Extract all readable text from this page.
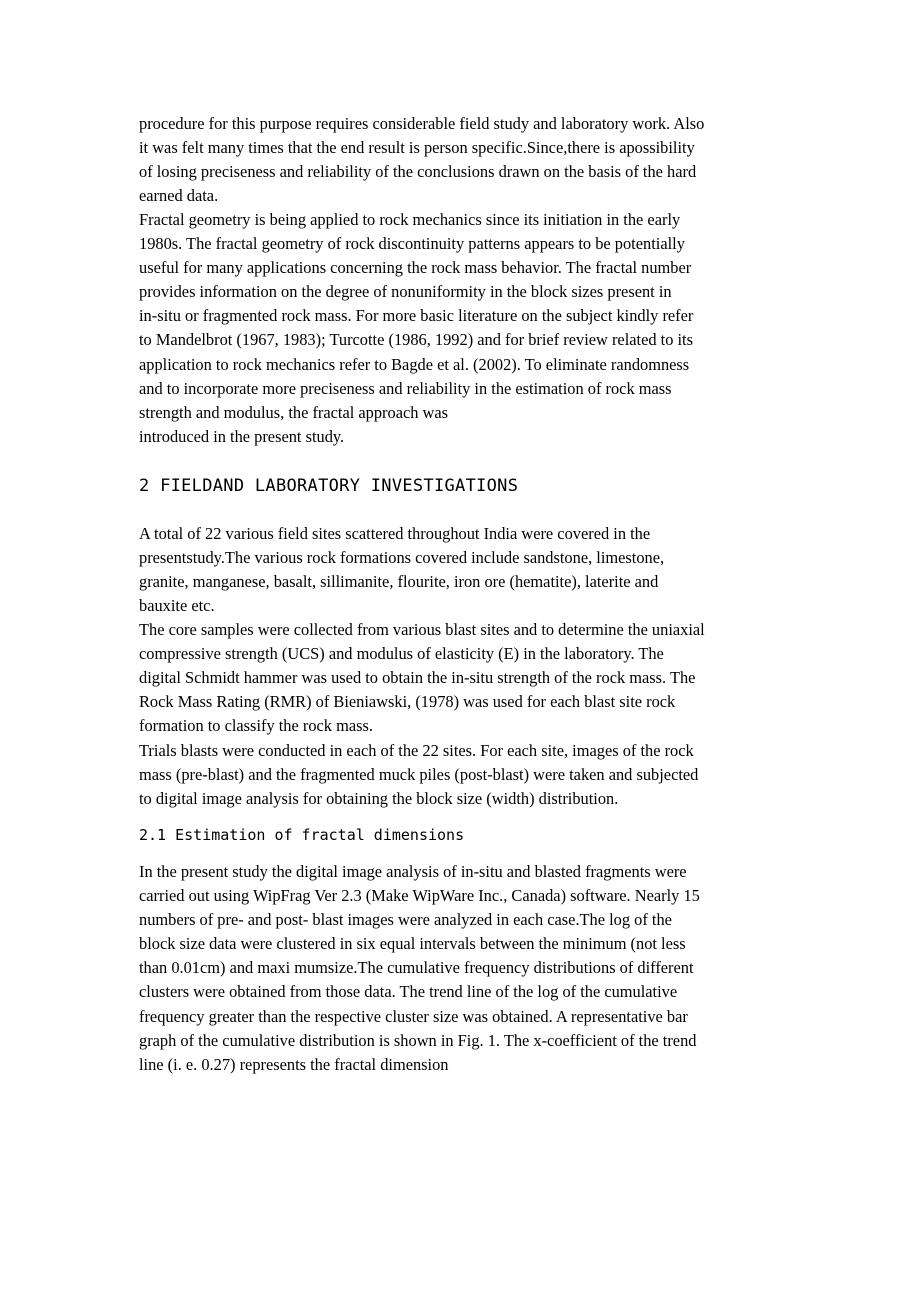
procedure for this purpose requires considerable field study and laboratory work. Also
it was felt many times that the end result is person specific.Since,there is apossibility
of losing preciseness and reliability of the conclusions drawn on the basis of the hard
earned data.
Fractal geometry is being applied to rock mechanics since its initiation in the early
1980s. The fractal geometry of rock discontinuity patterns appears to be potentially
useful for many applications concerning the rock mass behavior. The fractal number
provides information on the degree of nonuniformity in the block sizes present in
in-situ or fragmented rock mass. For more basic literature on the subject kindly refer
to Mandelbrot (1967, 1983); Turcotte (1986, 1992) and for brief review related to its
application to rock mechanics refer to Bagde et al. (2002). To eliminate randomness
and to incorporate more preciseness and reliability in the estimation of rock mass
strength and modulus, the fractal approach was
introduced in the present study.
2 FIELDAND LABORATORY INVESTIGATIONS
A total of 22 various field sites scattered throughout India were covered in the
presentstudy.The various rock formations covered include sandstone, limestone,
granite, manganese, basalt, sillimanite, flourite, iron ore (hematite), laterite and
bauxite etc.
The core samples were collected from various blast sites and to determine the uniaxial
compressive strength (UCS) and modulus of elasticity (E) in the laboratory. The
digital Schmidt hammer was used to obtain the in-situ strength of the rock mass. The
Rock Mass Rating (RMR) of Bieniawski, (1978) was used for each blast site rock
formation to classify the rock mass.
Trials blasts were conducted in each of the 22 sites. For each site, images of the rock
mass (pre-blast) and the fragmented muck piles (post-blast) were taken and subjected
to digital image analysis for obtaining the block size (width) distribution.
2.1 Estimation of fractal dimensions
In the present study the digital image analysis of in-situ and blasted fragments were
carried out using WipFrag Ver 2.3 (Make WipWare Inc., Canada) software. Nearly 15
numbers of pre- and post- blast images were analyzed in each case.The log of the
block size data were clustered in six equal intervals between the minimum (not less
than 0.01cm) and maxi mumsize.The cumulative frequency distributions of different
clusters were obtained from those data. The trend line of the log of the cumulative
frequency greater than the respective cluster size was obtained. A representative bar
graph of the cumulative distribution is shown in Fig. 1. The x-coefficient of the trend
line (i. e. 0.27) represents the fractal dimension
